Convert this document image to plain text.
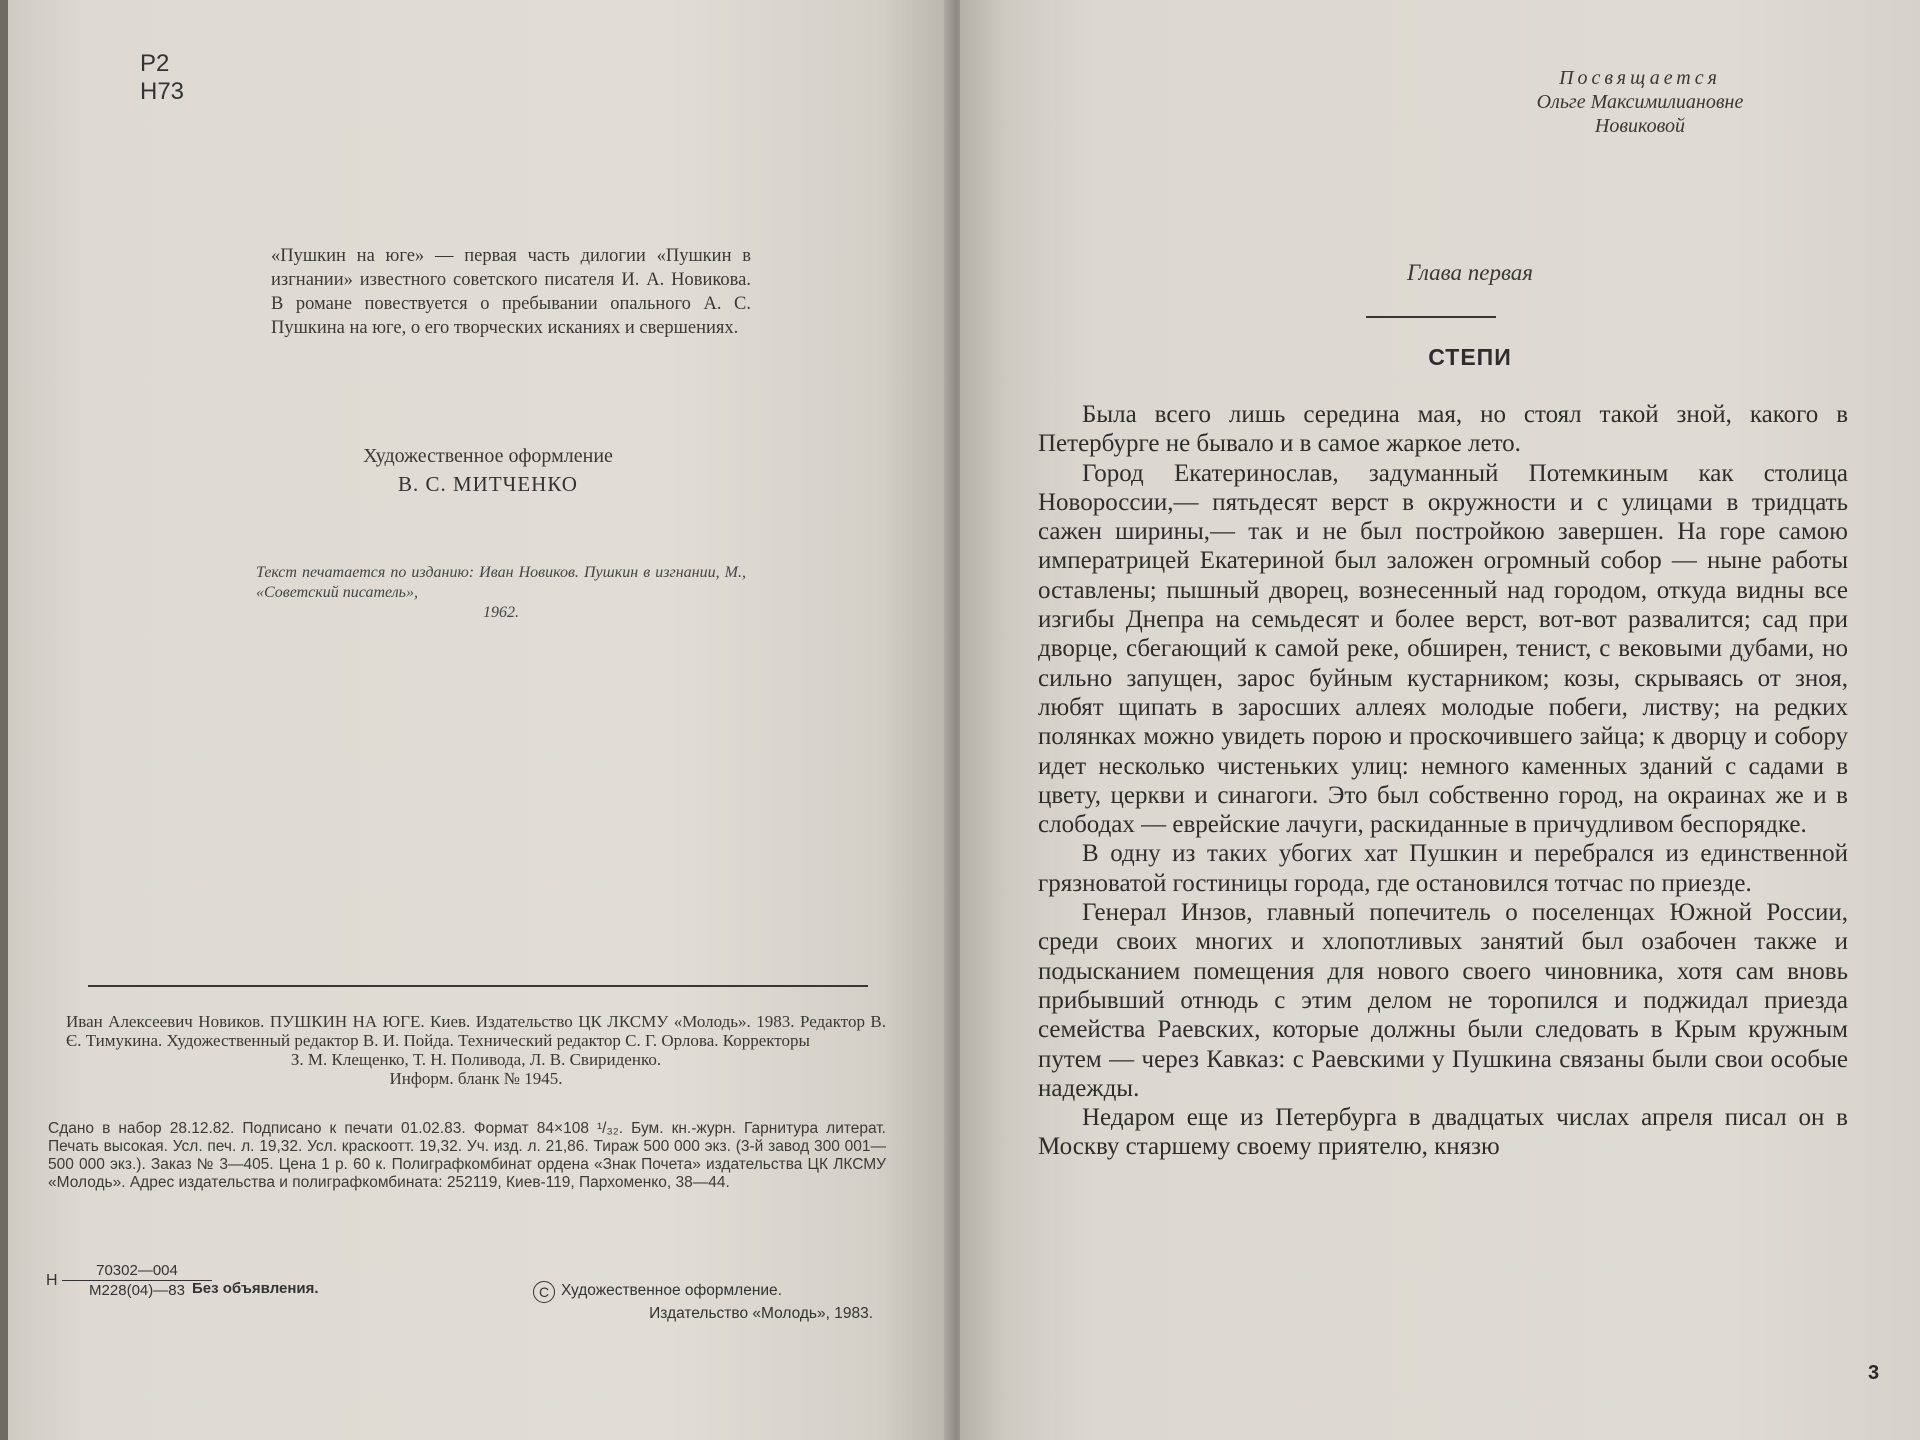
Р2
Н73
«Пушкин на юге» — первая часть дилогии «Пушкин в изгнании» известного советского писателя И. А. Новикова. В романе повествуется о пребывании опального А. С. Пушкина на юге, о его творческих исканиях и свершениях.
Художественное оформление
В. С. МИТЧЕНКО
Текст печатается по изданию: Иван Новиков. Пушкин в изгнании, М., «Советский писатель»,
1962.
Иван Алексеевич Новиков. ПУШКИН НА ЮГЕ. Киев. Издательство ЦК ЛКСМУ «Молодь». 1983. Редактор В. Є. Тимукина. Художественный редактор В. И. Пойда. Технический редактор С. Г. Орлова. Корректоры
З. М. Клещенко, Т. Н. Поливода, Л. В. Свириденко.
Информ. бланк № 1945.
Сдано в набор 28.12.82. Подписано к печати 01.02.83. Формат 84×108 ¹/₃₂. Бум. кн.-журн. Гарнитура литерат. Печать высокая. Усл. печ. л. 19,32. Усл. краскоотт. 19,32. Уч. изд. л. 21,86. Тираж 500 000 экз. (3-й завод 300 001—500 000 экз.). Заказ № 3—405. Цена 1 р. 60 к. Полиграфкомбинат ордена «Знак Почета» издательства ЦК ЛКСМУ «Молодь». Адрес издательства и полиграфкомбината: 252119, Киев-119, Пархоменко, 38—44.
Н
70302—004
М228(04)—83 Без объявления.	C Художественное оформление.
Издательство «Молодь», 1983.
Посвящается
Ольге Максимилиановне
Новиковой
Глава первая
СТЕПИ

Была всего лишь середина мая, но стоял такой зной, какого в Петербурге не бывало и в самое жаркое лето.

Город Екатеринослав, задуманный Потемкиным как столица Новороссии,— пятьдесят верст в окружности и с улицами в тридцать сажен ширины,— так и не был постройкою завершен. На горе самою императрицей Екатериной был заложен огромный собор — ныне работы оставлены; пышный дворец, вознесенный над городом, откуда видны все изгибы Днепра на семьдесят и более верст, вот-вот развалится; сад при дворце, сбегающий к самой реке, обширен, тенист, с вековыми дубами, но сильно запущен, зарос буйным кустарником; козы, скрываясь от зноя, любят щипать в заросших аллеях молодые побеги, листву; на редких полянках можно увидеть порою и проскочившего зайца; к дворцу и собору идет несколько чистеньких улиц: немного каменных зданий с садами в цвету, церкви и синагоги. Это был собственно город, на окраинах же и в слободах — еврейские лачуги, раскиданные в причудливом беспорядке.

В одну из таких убогих хат Пушкин и перебрался из единственной грязноватой гостиницы города, где остановился тотчас по приезде.

Генерал Инзов, главный попечитель о поселенцах Южной России, среди своих многих и хлопотливых занятий был озабочен также и подысканием помещения для нового своего чиновника, хотя сам вновь прибывший отнюдь с этим делом не торопился и поджидал приезда семейства Раевских, которые должны были следовать в Крым кружным путем — через Кавказ: с Раевскими у Пушкина связаны были свои особые надежды.

Недаром еще из Петербурга в двадцатых числах апреля писал он в Москву старшему своему приятелю, князю

3
